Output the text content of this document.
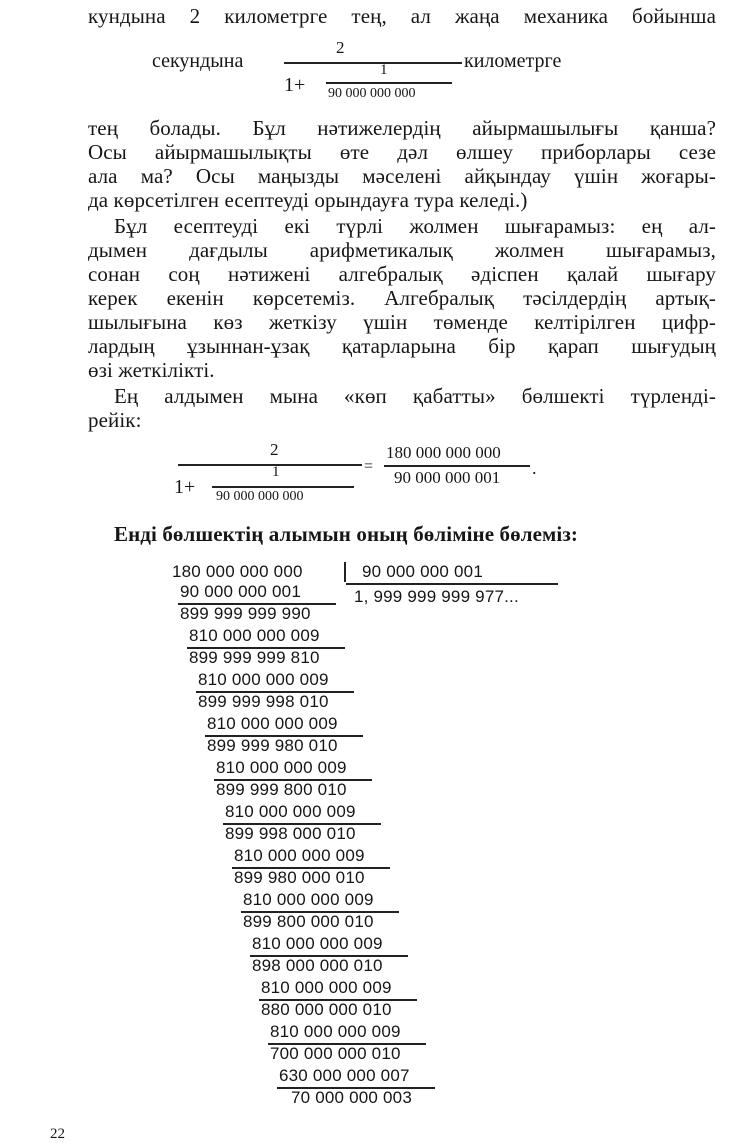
кундына 2 километрге тең, ал жаңа механика бойынша
секундына	километрге
2
1+
1
90 000 000 000
тең болады. Бұл нәтижелердің айырмашылығы қанша?
Осы айырмашылықты өте дәл өлшеу приборлары сезе
ала ма? Осы маңызды мәселені айқындау үшін жоғары-
да көрсетілген есептеуді орындауға тура келеді.)
Бұл есептеуді екі түрлі жолмен шығарамыз: ең ал-
дымен дағдылы арифметикалық жолмен шығарамыз,
сонан соң нәтижені алгебралық әдіспен қалай шығару
керек екенін көрсетеміз. Алгебралық тәсілдердің артық-
шылығына көз жеткізу үшін төменде келтірілген цифр-
лардың ұзыннан-ұзақ қатарларына бір қарап шығудың
өзі жеткілікті.
Ең алдымен мына «көп қабатты» бөлшекті түрленді-
рейік:
2
1+
1
90 000 000 000
=
180 000 000 000
90 000 000 001 .
Енді бөлшектің алымын оның бөліміне бөлеміз:
180 000 000 000	90 000 000 001
1, 999 999 999 977...
90 000 000 001
899 999 999 990
810 000 000 009
899 999 999 810
810 000 000 009
899 999 998 010
810 000 000 009
899 999 980 010
810 000 000 009
899 999 800 010
810 000 000 009
899 998 000 010
810 000 000 009
899 980 000 010
810 000 000 009
899 800 000 010
810 000 000 009
898 000 000 010
810 000 000 009
880 000 000 010
810 000 000 009
700 000 000 010
630 000 000 007
70 000 000 003
22
